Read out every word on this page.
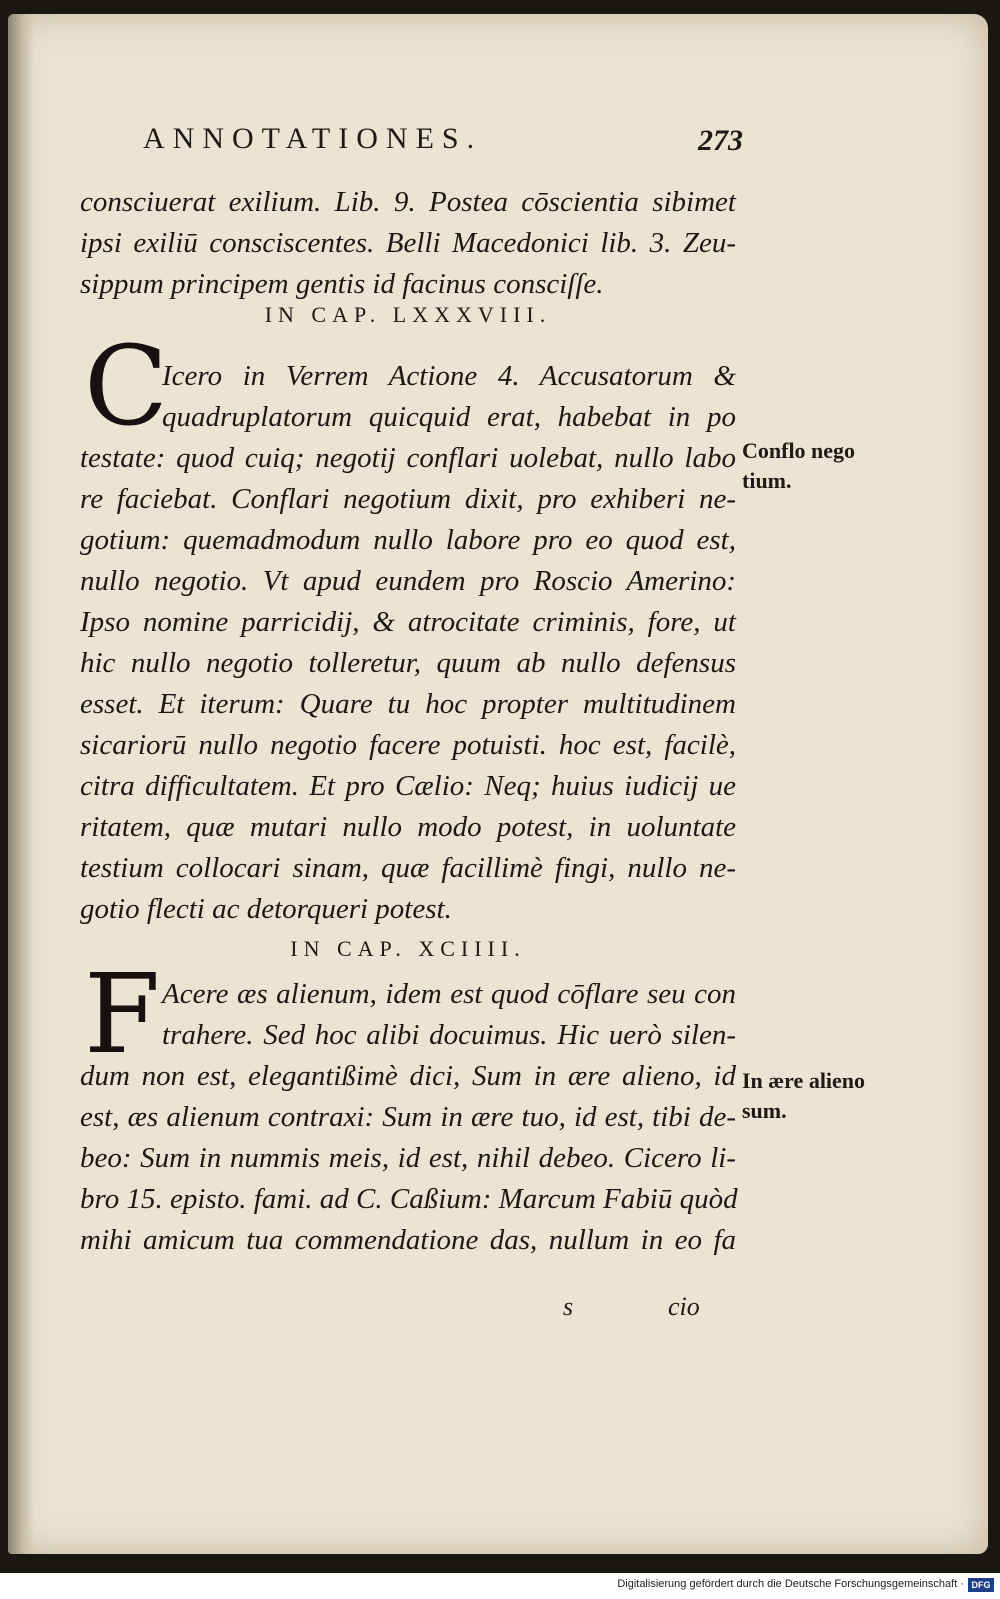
ANNOTATIONES.	273
consciuerat exilium. Lib. 9. Postea cōscientia sibimet
ipsi exiliū consciscentes. Belli Macedonici lib. 3. Zeu-
sippum principem gentis id facinus consciſſe.
IN CAP. LXXXVIII.
C
Icero in Verrem Actione 4. Accusatorum &
quadruplatorum quicquid erat, habebat in po
testate: quod cuiq; negotij conflari uolebat, nullo labo
re faciebat. Conflari negotium dixit, pro exhiberi ne-
gotium: quemadmodum nullo labore pro eo quod est,
nullo negotio. Vt apud eundem pro Roscio Amerino:
Ipso nomine parricidij, & atrocitate criminis, fore, ut
hic nullo negotio tolleretur, quum ab nullo defensus
esset. Et iterum: Quare tu hoc propter multitudinem
sicariorū nullo negotio facere potuisti. hoc est, facilè,
citra difficultatem. Et pro Cælio: Neq; huius iudicij ue
ritatem, quæ mutari nullo modo potest, in uoluntate
testium collocari sinam, quæ facillimè fingi, nullo ne-
gotio flecti ac detorqueri potest.
Conflo nego
tium.
IN CAP. XCIIII.
F Acere æs alienum, idem est quod cōflare seu con
trahere. Sed hoc alibi docuimus. Hic uerò silen-
dum non est, elegantißimè dici, Sum in ære alieno, id
est, æs alienum contraxi: Sum in ære tuo, id est, tibi de-
beo: Sum in nummis meis, id est, nihil debeo. Cicero li-
bro 15. episto. fami. ad C. Caßium: Marcum Fabiū quòd
mihi amicum tua commendatione das, nullum in eo fa
In ære alieno
sum.
s	cio
Digitalisierung gefördert durch die Deutsche Forschungsgemeinschaft · DFG
